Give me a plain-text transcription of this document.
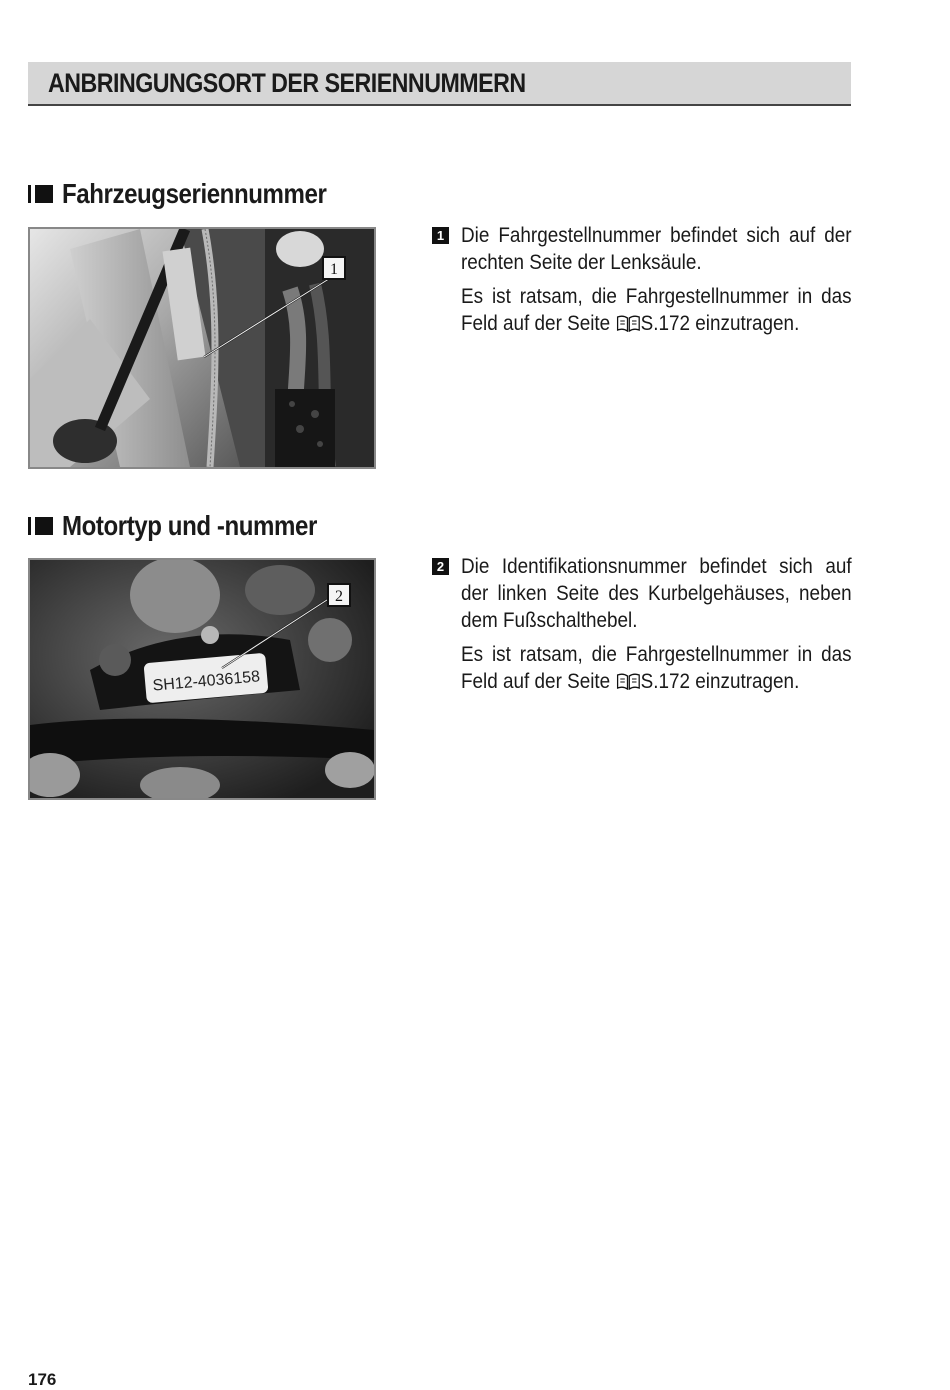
ANBRINGUNGSORT DER SERIENNUMMERN
Fahrzeugseriennummer
1
1 Die Fahrgestellnummer befindet sich auf der rechten Seite der Lenksäule.

Es ist ratsam, die Fahrgestellnummer in das Feld auf der Seite S.172 einzutragen.

Motortyp und -nummer
SH12-4036158
2
2 Die Identifikationsnummer befindet sich auf der linken Seite des Kurbelgehäuses, neben dem Fußschalthebel.

Es ist ratsam, die Fahrgestellnummer in das Feld auf der Seite S.172 einzutragen.

176
